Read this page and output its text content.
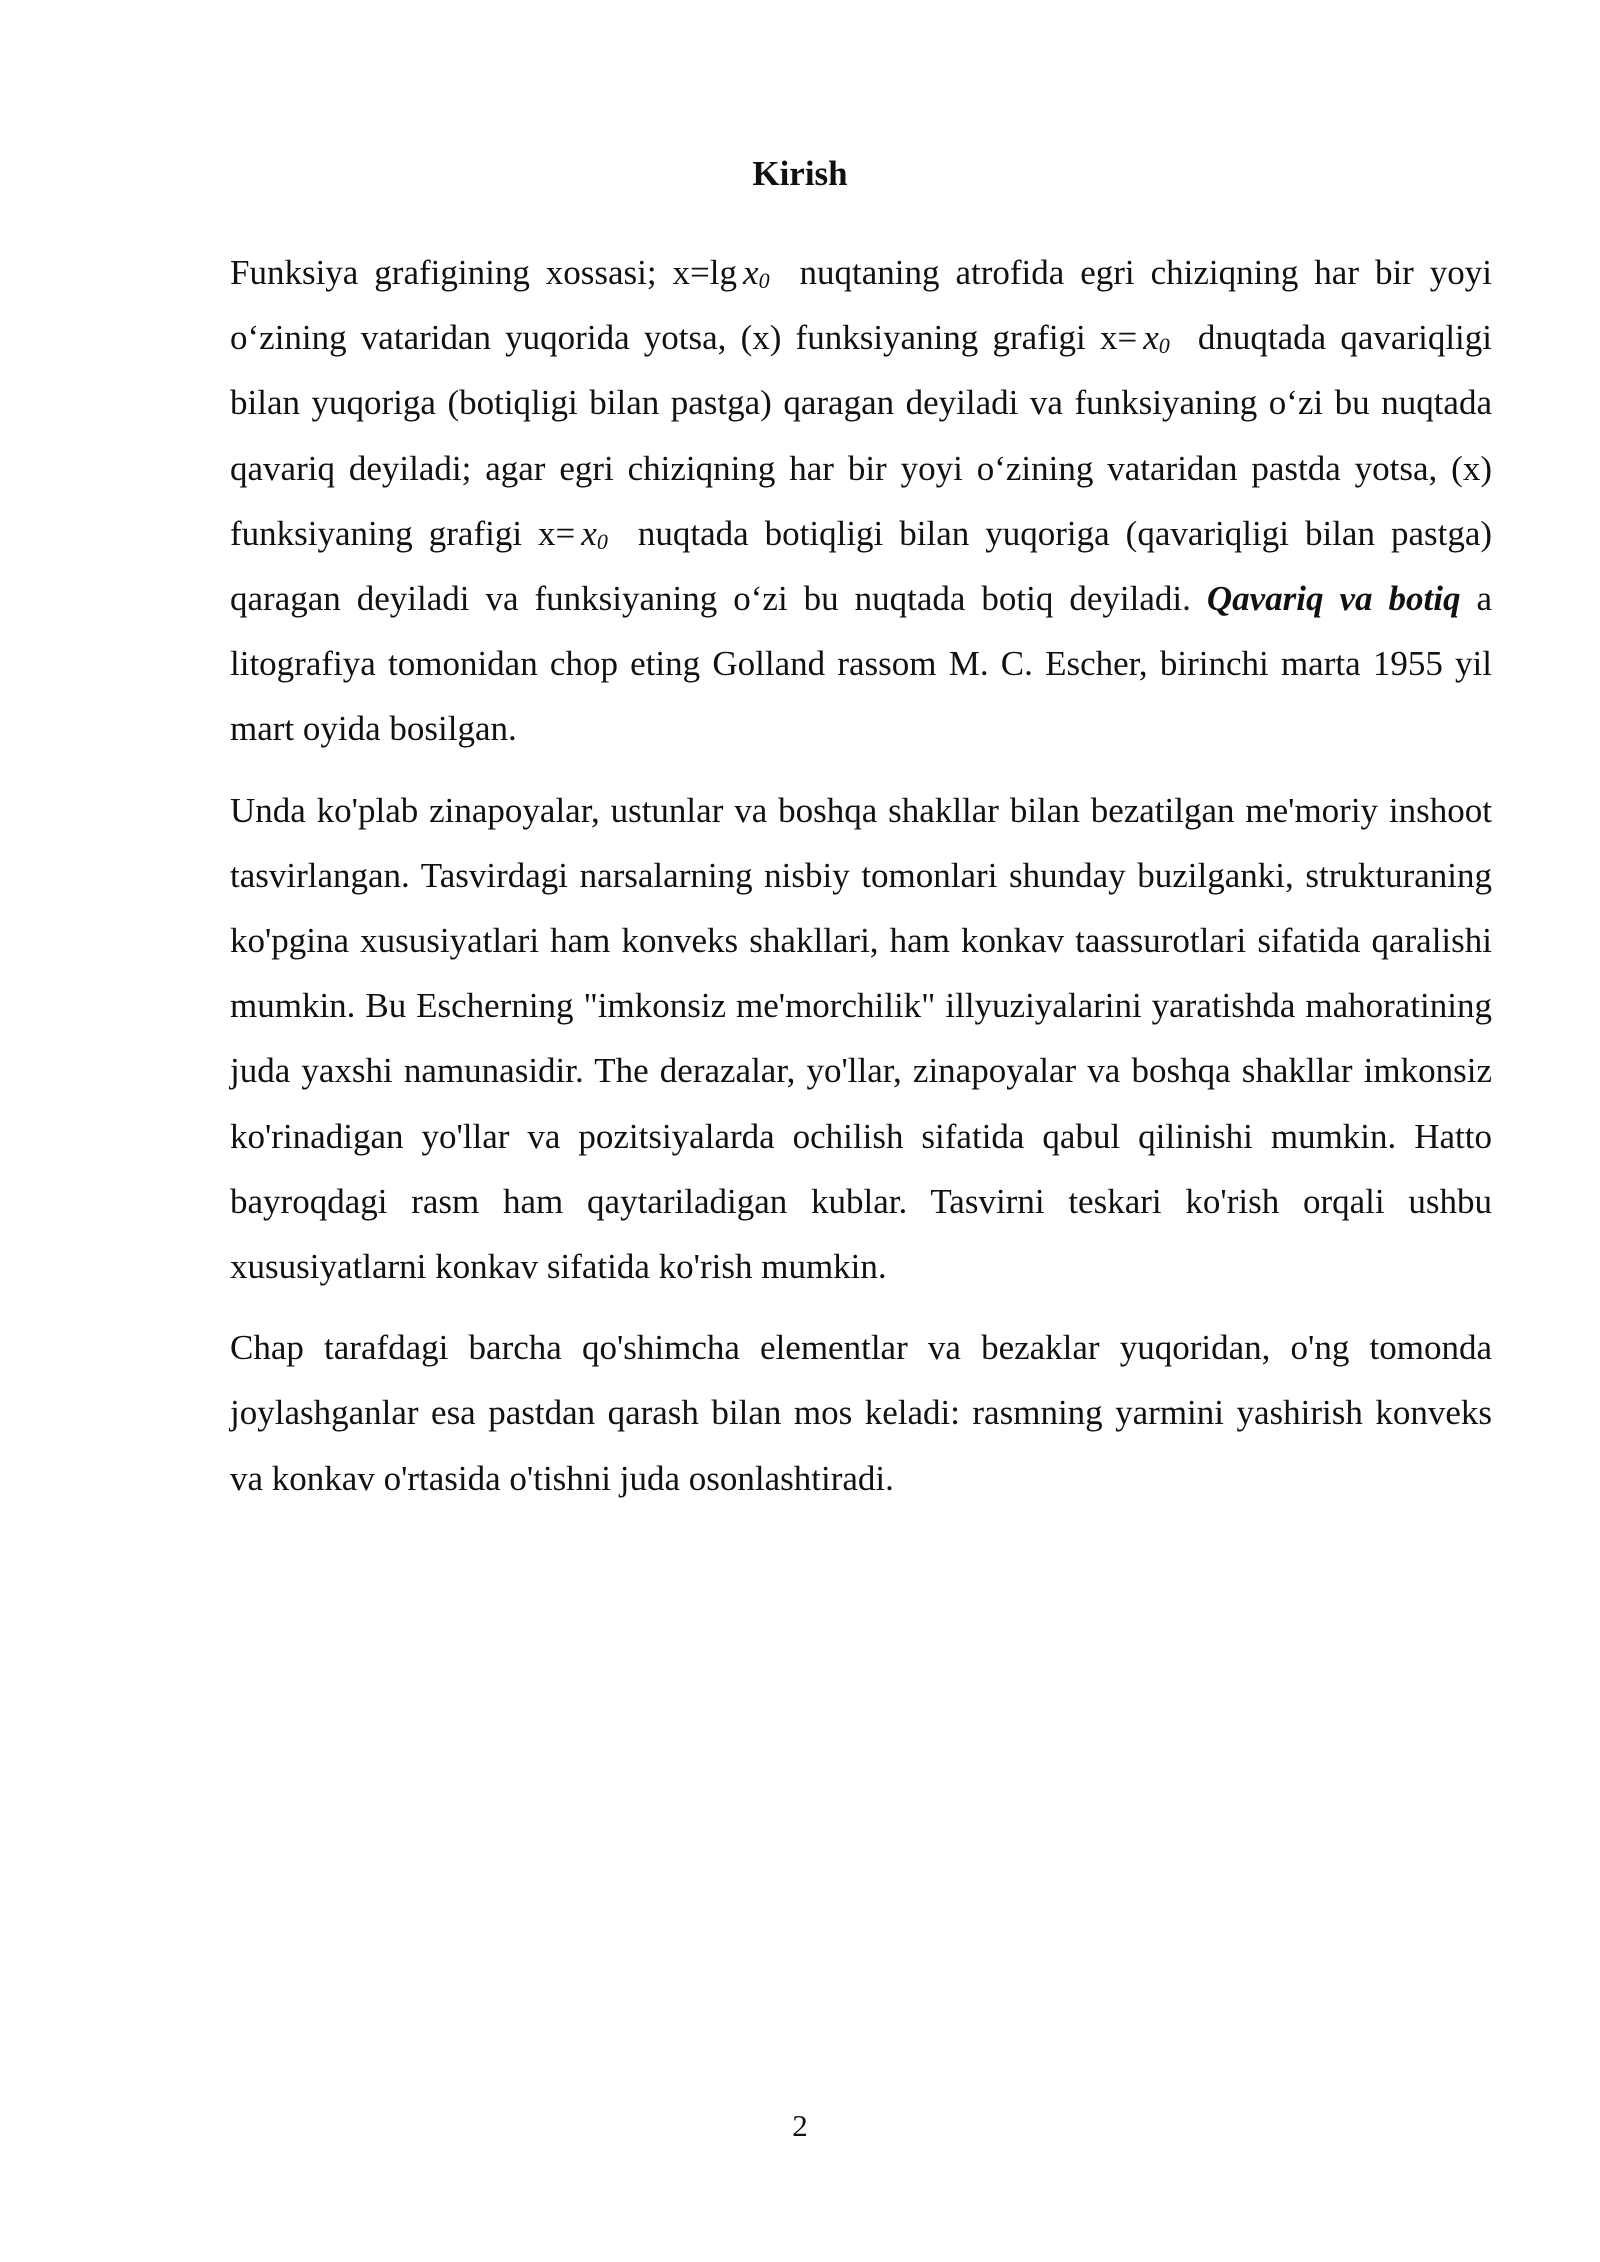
Kirish

Funksiya grafigining xossasi; x=lg $x_0$ nuqtaning atrofida egri chiziqning har bir yoyi o‘zining vataridan yuqorida yotsa, (x) funksiyaning grafigi $x= x_0$ dnuqtada qavariqligi bilan yuqoriga (botiqligi bilan pastga) qaragan deyiladi va funksiyaning o‘zi bu nuqtada qavariq deyiladi; agar egri chiziqning har bir yoyi o‘zining vataridan pastda yotsa, (x) funksiyaning grafigi $x= x_0$ nuqtada botiqligi bilan yuqoriga (qavariqligi bilan pastga) qaragan deyiladi va funksiyaning o‘zi bu nuqtada botiq deyiladi. Qavariq va botiq a litografiya tomonidan chop eting Golland rassom M. C. Escher, birinchi marta 1955 yil mart oyida bosilgan.

Unda ko'plab zinapoyalar, ustunlar va boshqa shakllar bilan bezatilgan me'moriy inshoot tasvirlangan. Tasvirdagi narsalarning nisbiy tomonlari shunday buzilganki, strukturaning ko'pgina xususiyatlari ham konveks shakllari, ham konkav taassurotlari sifatida qaralishi mumkin. Bu Escherning "imkonsiz me'morchilik" illyuziyalarini yaratishda mahoratining juda yaxshi namunasidir. The derazalar, yo'llar, zinapoyalar va boshqa shakllar imkonsiz ko'rinadigan yo'llar va pozitsiyalarda ochilish sifatida qabul qilinishi mumkin. Hatto bayroqdagi rasm ham qaytariladigan kublar. Tasvirni teskari ko'rish orqali ushbu xususiyatlarni konkav sifatida ko'rish mumkin.

Chap tarafdagi barcha qo'shimcha elementlar va bezaklar yuqoridan, o'ng tomonda joylashganlar esa pastdan qarash bilan mos keladi: rasmning yarmini yashirish konveks va konkav o'rtasida o'tishni juda osonlashtiradi.

2
